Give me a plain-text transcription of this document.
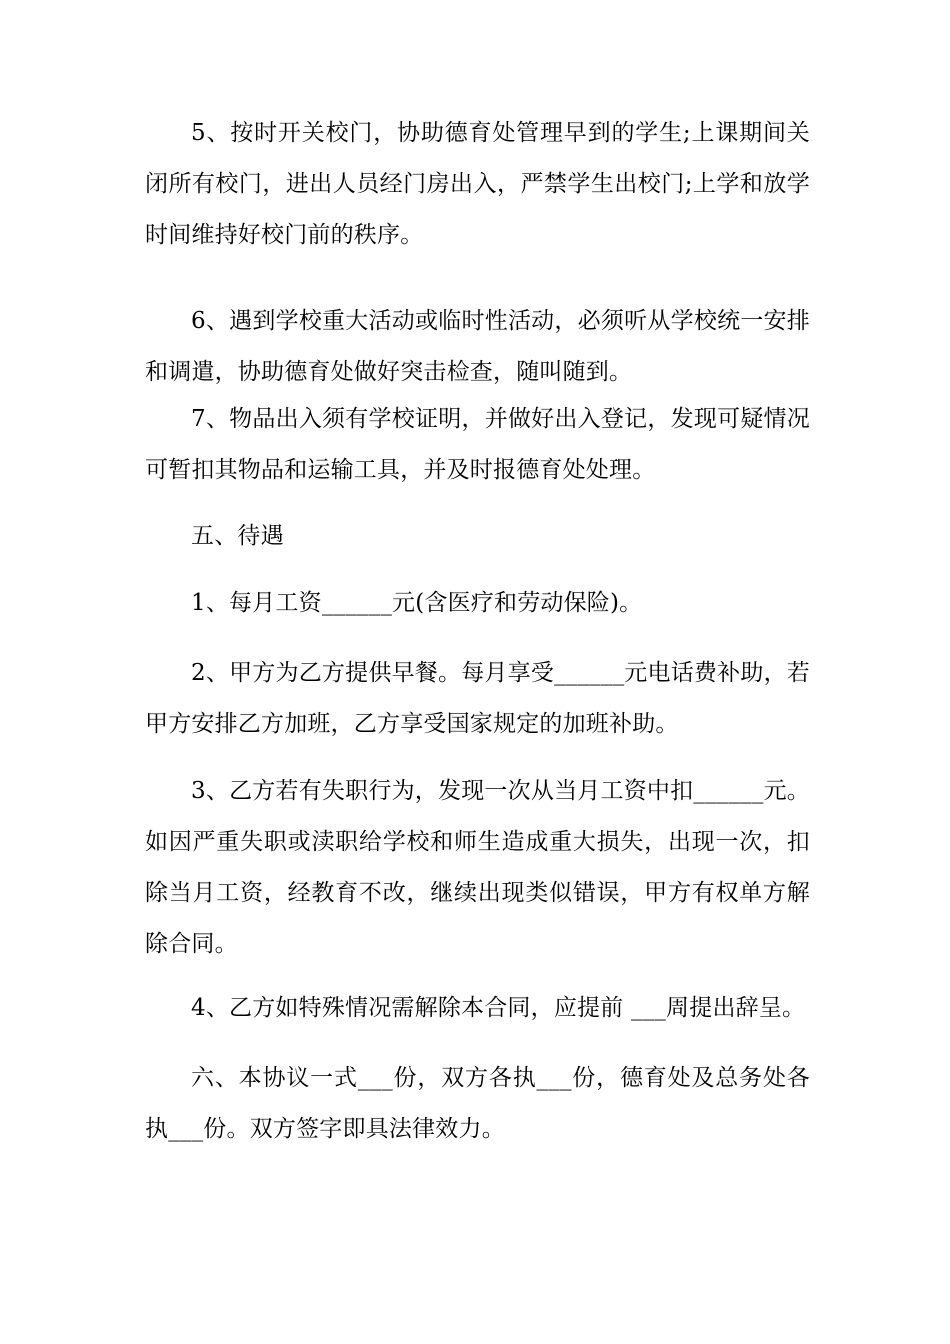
5、按时开关校门，协助德育处管理早到的学生;上课期间关闭所有校门，进出人员经门房出入，严禁学生出校门;上学和放学时间维持好校门前的秩序。

6、遇到学校重大活动或临时性活动，必须听从学校统一安排和调遣，协助德育处做好突击检查，随叫随到。

7、物品出入须有学校证明，并做好出入登记，发现可疑情况可暂扣其物品和运输工具，并及时报德育处处理。

五、待遇

1、每月工资______元(含医疗和劳动保险)。

2、甲方为乙方提供早餐。每月享受______元电话费补助，若甲方安排乙方加班，乙方享受国家规定的加班补助。

3、乙方若有失职行为，发现一次从当月工资中扣______元。如因严重失职或渎职给学校和师生造成重大损失，出现一次，扣除当月工资，经教育不改，继续出现类似错误，甲方有权单方解除合同。

4、乙方如特殊情况需解除本合同，应提前 ___周提出辞呈。

六、本协议一式___份，双方各执___份，德育处及总务处各执___份。双方签字即具法律效力。
